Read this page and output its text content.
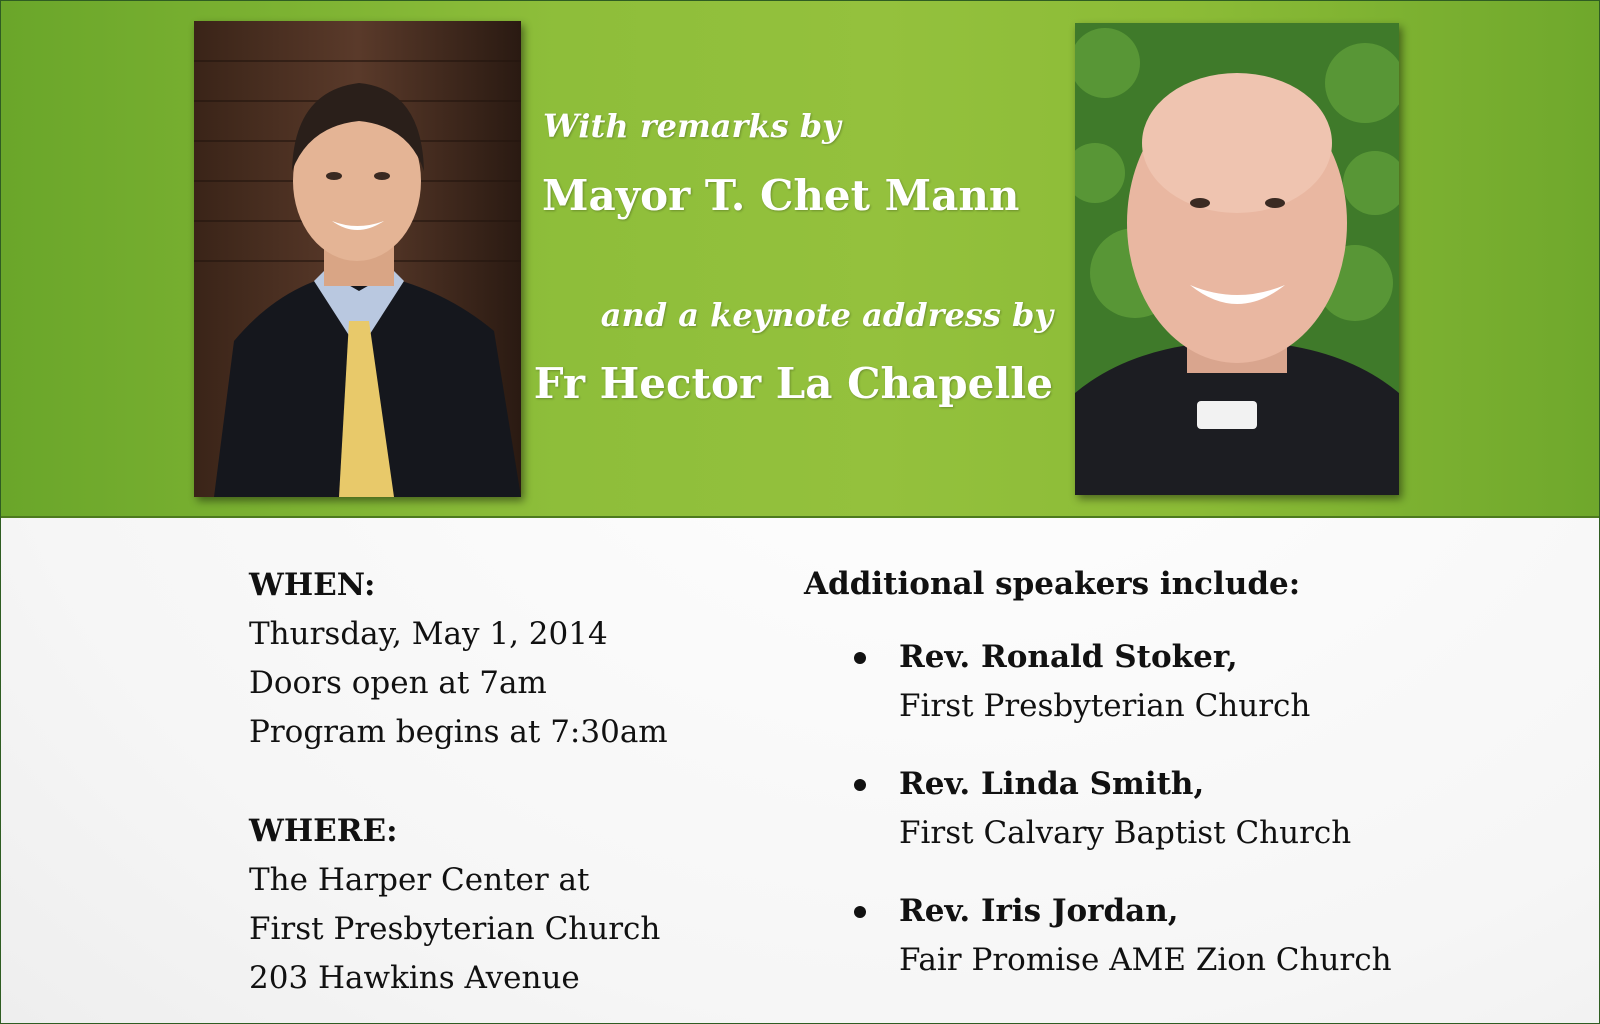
With remarks by
Mayor T. Chet Mann
and a keynote address by
Fr Hector La Chapelle
WHEN:
Thursday, May 1, 2014
Doors open at 7am
Program begins at 7:30am
WHERE:
The Harper Center at
First Presbyterian Church
203 Hawkins Avenue
Additional speakers include:
Rev. Ronald Stoker,
First Presbyterian Church
Rev. Linda Smith,
First Calvary Baptist Church
Rev. Iris Jordan,
Fair Promise AME Zion Church
